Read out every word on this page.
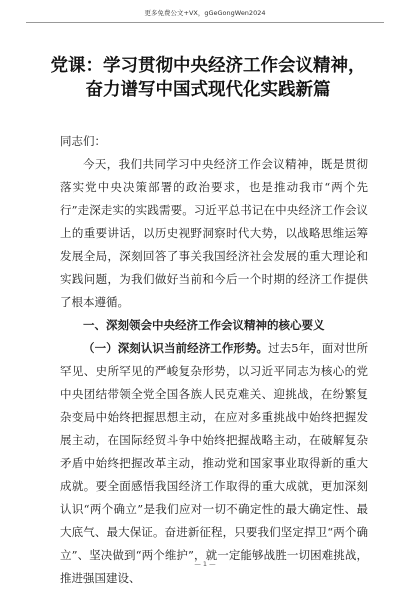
更多免费公文+VX，gGeGongWen2024
党课：学习贯彻中央经济工作会议精神，
奋力谱写中国式现代化实践新篇

同志们：

今天，我们共同学习中央经济工作会议精神，既是贯彻落实党中央决策部署的政治要求，也是推动我市“两个先行”走深走实的实践需要。习近平总书记在中央经济工作会议上的重要讲话，以历史视野洞察时代大势，以战略思维运筹发展全局，深刻回答了事关我国经济社会发展的重大理论和实践问题，为我们做好当前和今后一个时期的经济工作提供了根本遵循。

一、深刻领会中央经济工作会议精神的核心要义

（一）深刻认识当前经济工作形势。过去5年，面对世所罕见、史所罕见的严峻复杂形势，以习近平同志为核心的党中央团结带领全党全国各族人民克难关、迎挑战，在纷繁复杂变局中始终把握思想主动，在应对多重挑战中始终把握发展主动，在国际经贸斗争中始终把握战略主动，在破解复杂矛盾中始终把握改革主动，推动党和国家事业取得新的重大成就。要全面感悟我国经济工作取得的重大成就，更加深刻认识“两个确立”是我们应对一切不确定性的最大确定性、最大底气、最大保证。奋进新征程，只要我们坚定捍卫“两个确立”、坚决做到“两个维护”，就一定能够战胜一切困难挑战，推进强国建设、

— 1 —
